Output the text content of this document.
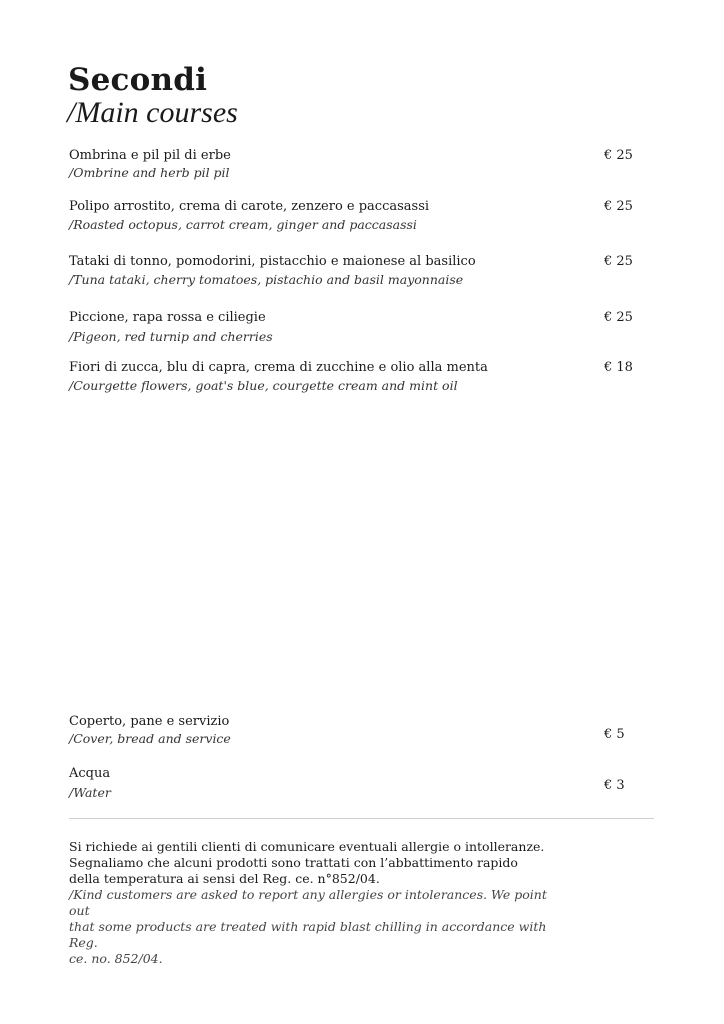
Secondi
/Main courses
Ombrina e pil pil di erbe
/Ombrine and herb pil pil
€ 25
Polipo arrostito, crema di carote, zenzero e paccasassi
/Roasted octopus, carrot cream, ginger and paccasassi
€ 25
Tataki di tonno, pomodorini, pistacchio e maionese al basilico
/Tuna tataki, cherry tomatoes, pistachio and basil mayonnaise
€ 25
Piccione, rapa rossa e ciliegie
/Pigeon, red turnip and cherries
€ 25
Fiori di zucca, blu di capra, crema di zucchine e olio alla menta
/Courgette flowers, goat's blue, courgette cream and mint oil
€ 18
Coperto, pane e servizio
/Cover, bread and service	€ 5
Acqua
/Water	€ 3
Si richiede ai gentili clienti di comunicare eventuali allergie o intolleranze.
Segnaliamo che alcuni prodotti sono trattati con l’abbattimento rapido
della temperatura ai sensi del Reg. ce. n°852/04.
/Kind customers are asked to report any allergies or intolerances. We point out
that some products are treated with rapid blast chilling in accordance with Reg.
ce. no. 852/04.
